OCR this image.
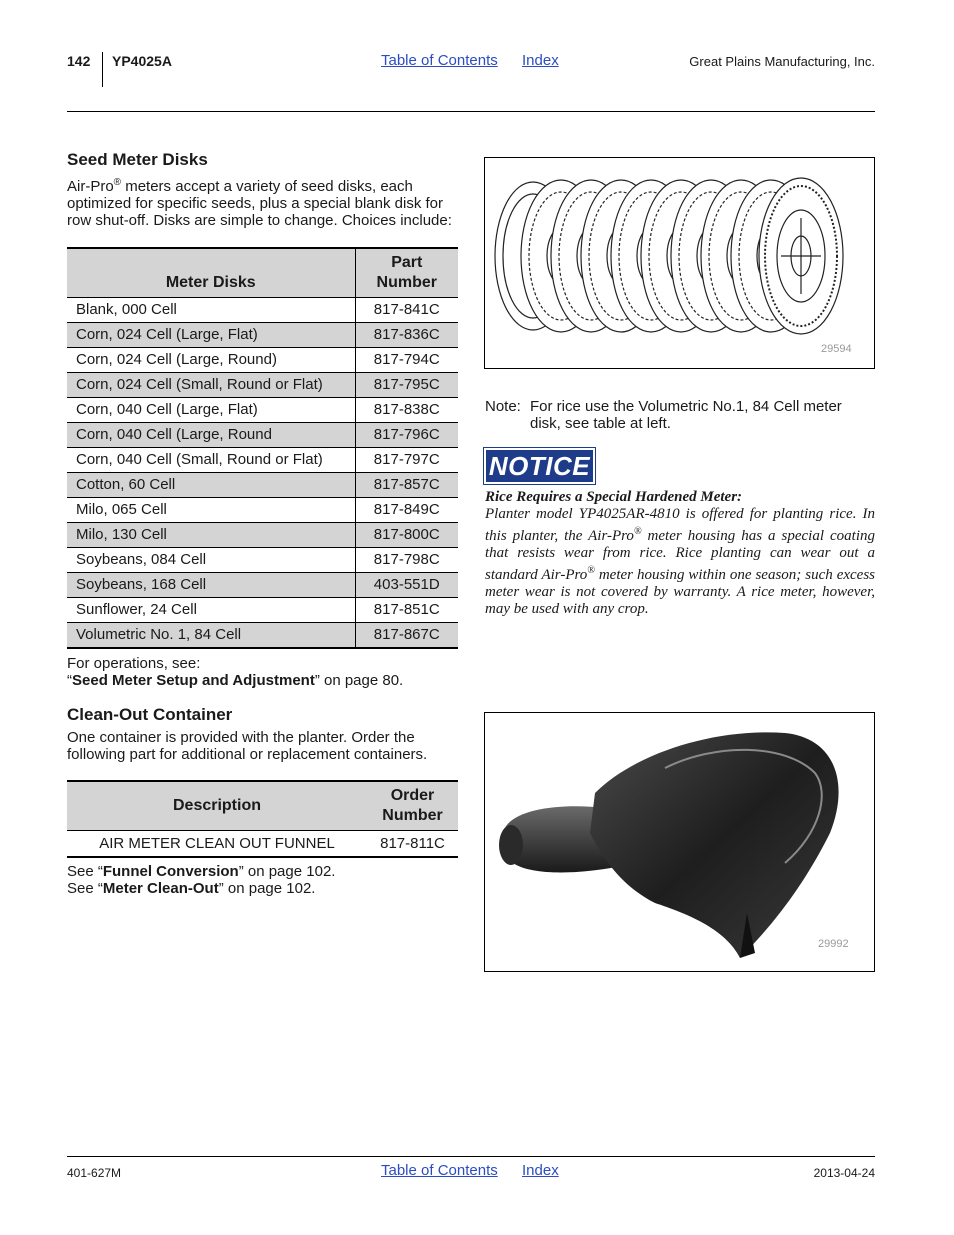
142 YP4025A	Table of Contents Index	Great Plains Manufacturing, Inc.
Seed Meter Disks

Air-Pro® meters accept a variety of seed disks, each optimized for specific seeds, plus a special blank disk for row shut-off. Disks are simple to change. Choices include:

Meter Disks	Part
Number
Blank, 000 Cell	817-841C
Corn, 024 Cell (Large, Flat)	817-836C
Corn, 024 Cell (Large, Round)	817-794C
Corn, 024 Cell (Small, Round or Flat)	817-795C
Corn, 040 Cell (Large, Flat)	817-838C
Corn, 040 Cell (Large, Round	817-796C
Corn, 040 Cell (Small, Round or Flat)	817-797C
Cotton, 60 Cell	817-857C
Milo, 065 Cell	817-849C
Milo, 130 Cell	817-800C
Soybeans, 084 Cell	817-798C
Soybeans, 168 Cell	403-551D
Sunflower, 24 Cell	817-851C
Volumetric No. 1, 84 Cell	817-867C

For operations, see:
“Seed Meter Setup and Adjustment” on page 80.

Clean-Out Container

One container is provided with the planter. Order the following part for additional or replacement containers.

Description	Order
Number
AIR METER CLEAN OUT FUNNEL	817-811C

See “Funnel Conversion” on page 102.
See “Meter Clean-Out” on page 102.

29594
Note: For rice use the Volumetric No.1, 84 Cell meter disk, see table at left.

NOTICE
Rice Requires a Special Hardened Meter:
Planter model YP4025AR-4810 is offered for planting rice. In this planter, the Air-Pro® meter housing has a special coating that resists wear from rice. Rice planting can wear out a standard Air-Pro® meter housing within one season; such excess meter wear is not covered by warranty. A rice meter, however, may be used with any crop.
29992
401-627M	Table of Contents Index	2013-04-24
